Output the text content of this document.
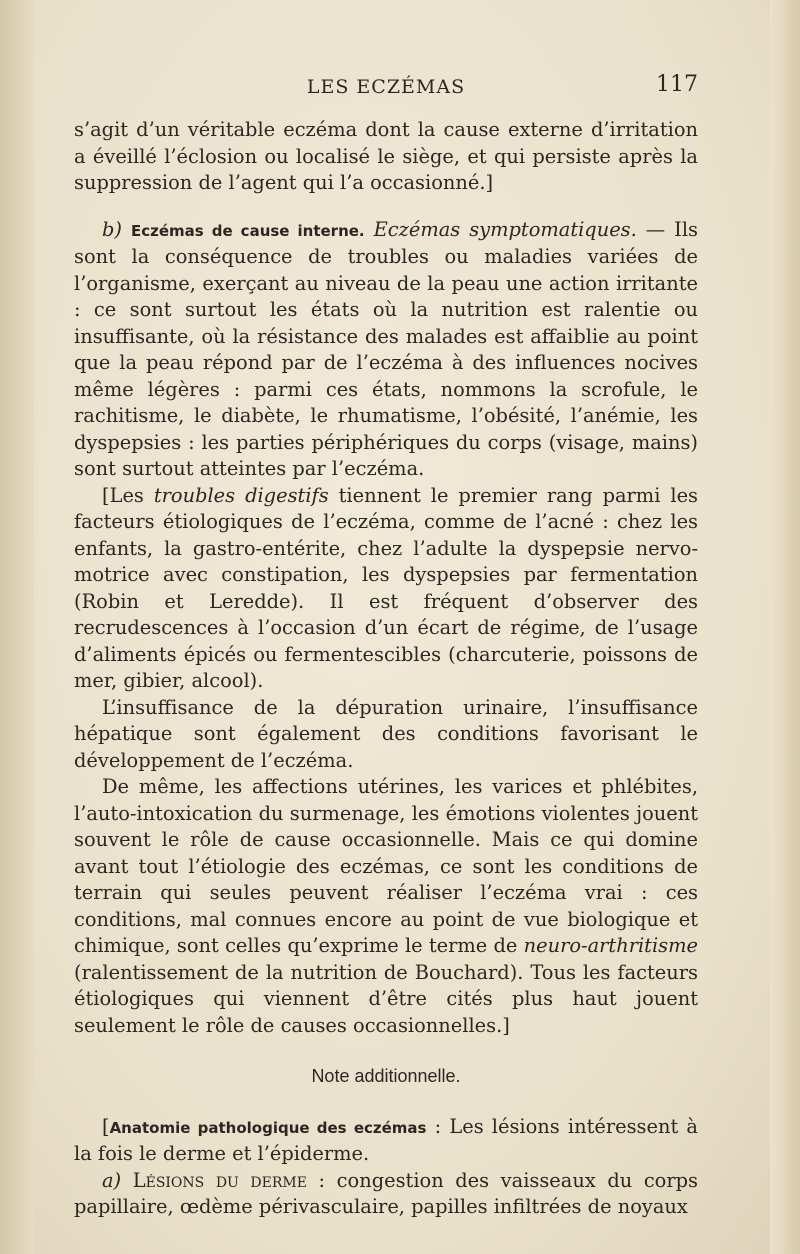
LES ECZÉMAS	117

s’agit d’un véritable eczéma dont la cause externe d’irritation a éveillé l’éclosion ou localisé le siège, et qui persiste après la suppression de l’agent qui l’a occasionné.]

b) Eczémas de cause interne. Eczémas symptomatiques. — Ils sont la conséquence de troubles ou maladies variées de l’organisme, exerçant au niveau de la peau une action irritante : ce sont surtout les états où la nutrition est ralentie ou insuffisante, où la résistance des malades est affaiblie au point que la peau répond par de l’eczéma à des influences nocives même légères : parmi ces états, nommons la scrofule, le rachitisme, le diabète, le rhumatisme, l’obésité, l’anémie, les dyspepsies : les parties périphériques du corps (visage, mains) sont surtout atteintes par l’eczéma.

[Les troubles digestifs tiennent le premier rang parmi les facteurs étiologiques de l’eczéma, comme de l’acné : chez les enfants, la gastro-entérite, chez l’adulte la dyspepsie nervo-motrice avec constipation, les dyspepsies par fermentation (Robin et Leredde). Il est fréquent d’observer des recrudescences à l’occasion d’un écart de régime, de l’usage d’aliments épicés ou fermentescibles (charcuterie, poissons de mer, gibier, alcool).

L’insuffisance de la dépuration urinaire, l’insuffisance hépatique sont également des conditions favorisant le développement de l’eczéma.

De même, les affections utérines, les varices et phlébites, l’auto-intoxication du surmenage, les émotions violentes jouent souvent le rôle de cause occasionnelle. Mais ce qui domine avant tout l’étiologie des eczémas, ce sont les conditions de terrain qui seules peuvent réaliser l’eczéma vrai : ces conditions, mal connues encore au point de vue biologique et chimique, sont celles qu’exprime le terme de neuro-arthritisme (ralentissement de la nutrition de Bouchard). Tous les facteurs étiologiques qui viennent d’être cités plus haut jouent seulement le rôle de causes occasionnelles.]

Note additionnelle.

[Anatomie pathologique des eczémas : Les lésions intéressent à la fois le derme et l’épiderme.

a) Lésions du derme : congestion des vaisseaux du corps papillaire, œdème périvasculaire, papilles infiltrées de noyaux
